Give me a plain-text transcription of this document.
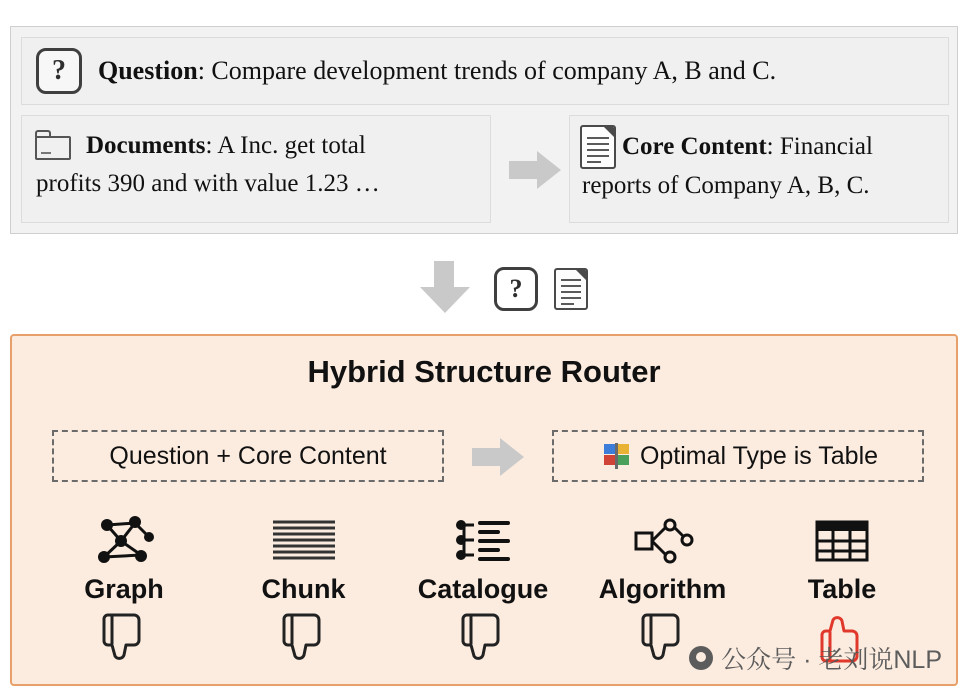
? Question: Compare development trends of company A, B and C.
Documents: A Inc. get total
profits 390 and with value 1.23 …
Core Content: Financial
reports of Company A, B, C.
?
Hybrid Structure Router
Question + Core Content	Optimal Type is Table
Graph	Chunk	Catalogue Algorithm	Table
公众号 · 老刘说NLP
